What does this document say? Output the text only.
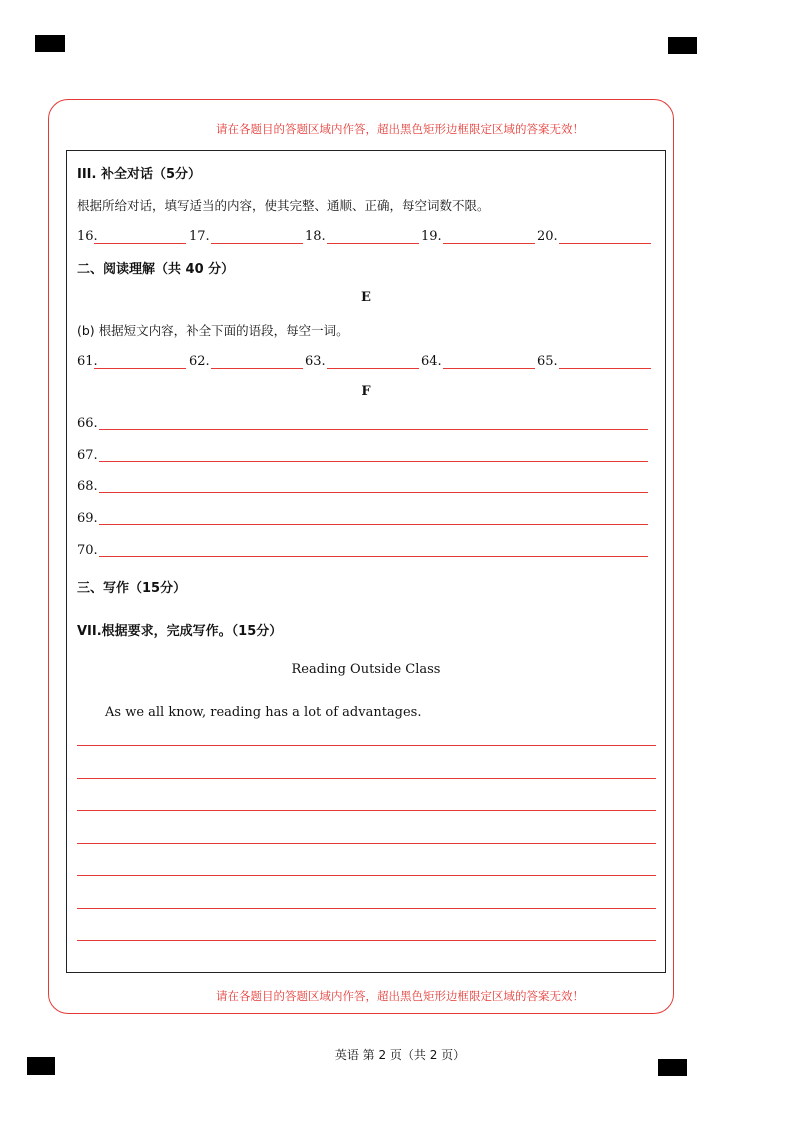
请在各题目的答题区域内作答，超出黑色矩形边框限定区域的答案无效！
III. 补全对话（5分）
根据所给对话，填写适当的内容，使其完整、通顺、正确，每空词数不限。
16.	17.	18.	19.	20.
二、阅读理解（共 40 分）
E
(b) 根据短文内容，补全下面的语段，每空一词。
61.	62.	63.	64.	65.
F
66.
67.
68.
69.
70.
三、写作（15分）
VII.根据要求，完成写作。（15分）
Reading Outside Class
As we all know, reading has a lot of advantages.
请在各题目的答题区域内作答，超出黑色矩形边框限定区域的答案无效！
英语 第 2 页（共 2 页）
